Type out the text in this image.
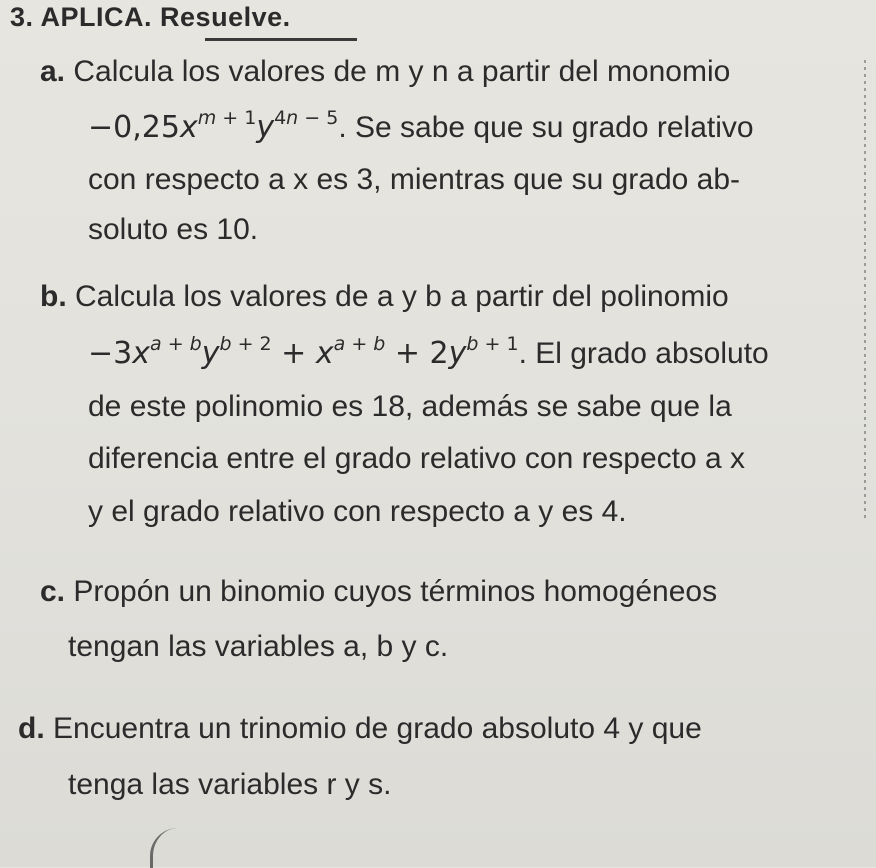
3. APLICA. Resuelve.
a. Calcula los valores de m y n a partir del monomio
$-0,25x^{m + 1}y^{4n - 5}$. Se sabe que su grado relativo
con respecto a x es 3, mientras que su grado ab-
soluto es 10.
b. Calcula los valores de a y b a partir del polinomio
$-3x^{a + b}y^{b + 2} + x^{a + b} + 2y^{b + 1}$. El grado absoluto
de este polinomio es 18, además se sabe que la
diferencia entre el grado relativo con respecto a x
y el grado relativo con respecto a y es 4.
c. Propón un binomio cuyos términos homogéneos
tengan las variables a, b y c.
d. Encuentra un trinomio de grado absoluto 4 y que
tenga las variables r y s.
